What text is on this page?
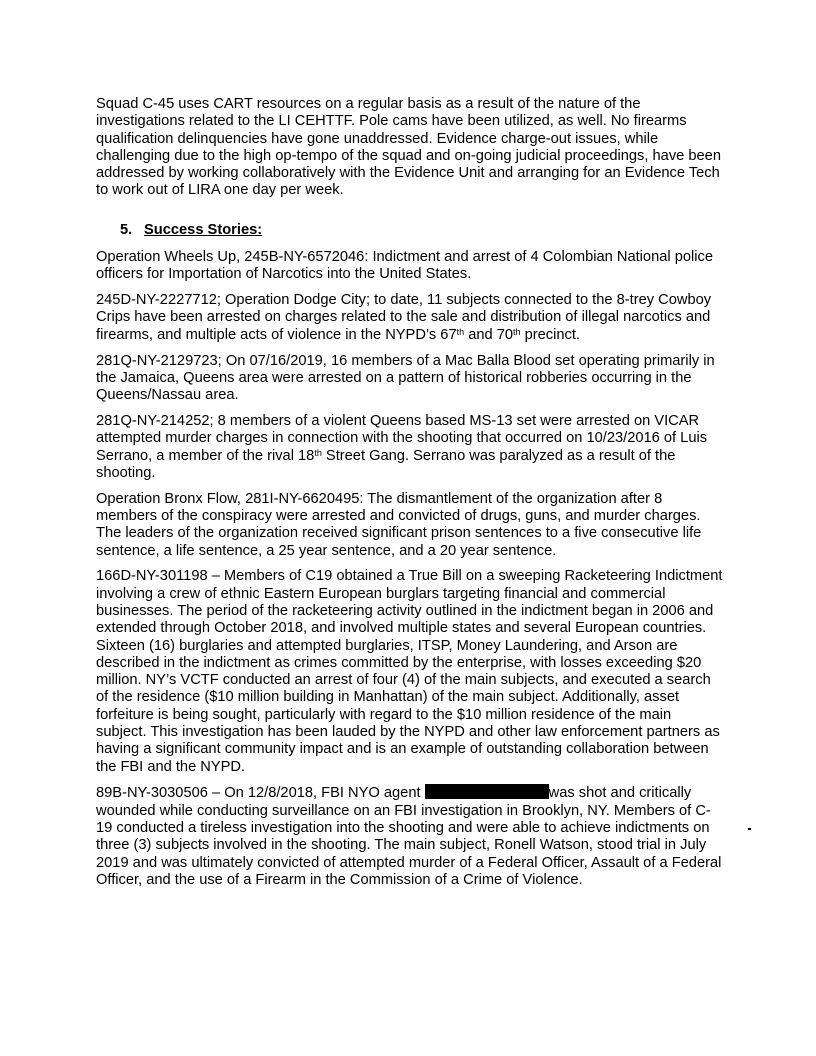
Squad C-45 uses CART resources on a regular basis as a result of the nature of the investigations related to the LI CEHTTF. Pole cams have been utilized, as well. No firearms qualification delinquencies have gone unaddressed. Evidence charge-out issues, while challenging due to the high op-tempo of the squad and on-going judicial proceedings, have been addressed by working collaboratively with the Evidence Unit and arranging for an Evidence Tech to work out of LIRA one day per week.

5. Success Stories:

Operation Wheels Up, 245B-NY-6572046: Indictment and arrest of 4 Colombian National police officers for Importation of Narcotics into the United States.

245D-NY-2227712; Operation Dodge City; to date, 11 subjects connected to the 8-trey Cowboy Crips have been arrested on charges related to the sale and distribution of illegal narcotics and firearms, and multiple acts of violence in the NYPD’s 67th and 70th precinct.

281Q-NY-2129723; On 07/16/2019, 16 members of a Mac Balla Blood set operating primarily in the Jamaica, Queens area were arrested on a pattern of historical robberies occurring in the Queens/Nassau area.

281Q-NY-214252; 8 members of a violent Queens based MS-13 set were arrested on VICAR attempted murder charges in connection with the shooting that occurred on 10/23/2016 of Luis Serrano, a member of the rival 18th Street Gang. Serrano was paralyzed as a result of the shooting.

Operation Bronx Flow, 281I-NY-6620495: The dismantlement of the organization after 8 members of the conspiracy were arrested and convicted of drugs, guns, and murder charges. The leaders of the organization received significant prison sentences to a five consecutive life sentence, a life sentence, a 25 year sentence, and a 20 year sentence.

166D-NY-301198 – Members of C19 obtained a True Bill on a sweeping Racketeering Indictment involving a crew of ethnic Eastern European burglars targeting financial and commercial businesses. The period of the racketeering activity outlined in the indictment began in 2006 and extended through October 2018, and involved multiple states and several European countries. Sixteen (16) burglaries and attempted burglaries, ITSP, Money Laundering, and Arson are described in the indictment as crimes committed by the enterprise, with losses exceeding $20 million. NY’s VCTF conducted an arrest of four (4) of the main subjects, and executed a search of the residence ($10 million building in Manhattan) of the main subject. Additionally, asset forfeiture is being sought, particularly with regard to the $10 million residence of the main subject. This investigation has been lauded by the NYPD and other law enforcement partners as having a significant community impact and is an example of outstanding collaboration between the FBI and the NYPD.

89B-NY-3030506 – On 12/8/2018, FBI NYO agent	was shot and critically wounded while conducting surveillance on an FBI investigation in Brooklyn, NY. Members of C-19 conducted a tireless investigation into the shooting and were able to achieve indictments on three (3) subjects involved in the shooting. The main subject, Ronell Watson, stood trial in July 2019 and was ultimately convicted of attempted murder of a Federal Officer, Assault of a Federal Officer, and the use of a Firearm in the Commission of a Crime of Violence.
